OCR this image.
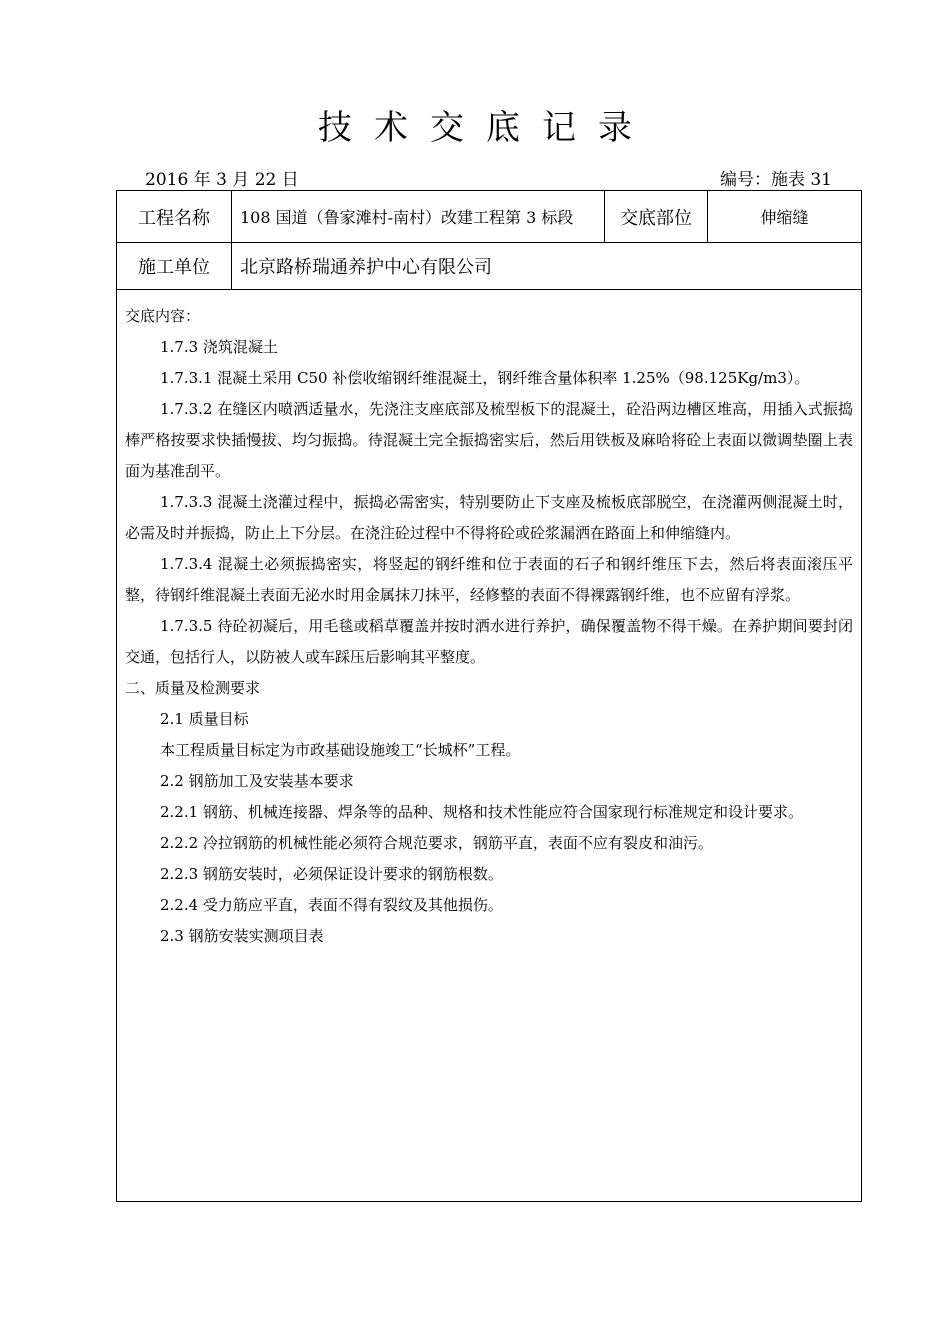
技术交底记录
2016 年 3 月 22 日	编号：施表 31
工程名称	108 国道（鲁家滩村-南村）改建工程第 3 标段	交底部位	伸缩缝
施工单位	北京路桥瑞通养护中心有限公司

交底内容：

1.7.3 浇筑混凝土

1.7.3.1 混凝土采用 C50 补偿收缩钢纤维混凝土，钢纤维含量体积率 1.25%（98.125Kg/m3）。

1.7.3.2 在缝区内喷洒适量水，先浇注支座底部及梳型板下的混凝土，砼沿两边槽区堆高，用插入式振捣棒严格按要求快插慢拔、均匀振捣。待混凝土完全振捣密实后，然后用铁板及麻哈将砼上表面以微调垫圈上表面为基准刮平。

1.7.3.3 混凝土浇灌过程中，振捣必需密实，特别要防止下支座及梳板底部脱空，在浇灌两侧混凝土时，必需及时并振捣，防止上下分层。在浇注砼过程中不得将砼或砼浆漏洒在路面上和伸缩缝内。

1.7.3.4 混凝土必须振捣密实，将竖起的钢纤维和位于表面的石子和钢纤维压下去，然后将表面滚压平整，待钢纤维混凝土表面无泌水时用金属抹刀抹平，经修整的表面不得裸露钢纤维，也不应留有浮浆。

1.7.3.5 待砼初凝后，用毛毯或稻草覆盖并按时洒水进行养护，确保覆盖物不得干燥。在养护期间要封闭交通，包括行人，以防被人或车踩压后影响其平整度。

二、质量及检测要求

2.1 质量目标

本工程质量目标定为市政基础设施竣工“长城杯”工程。

2.2 钢筋加工及安装基本要求

2.2.1 钢筋、机械连接器、焊条等的品种、规格和技术性能应符合国家现行标准规定和设计要求。

2.2.2 冷拉钢筋的机械性能必须符合规范要求，钢筋平直，表面不应有裂皮和油污。

2.2.3 钢筋安装时，必须保证设计要求的钢筋根数。

2.2.4 受力筋应平直，表面不得有裂纹及其他损伤。

2.3 钢筋安装实测项目表
